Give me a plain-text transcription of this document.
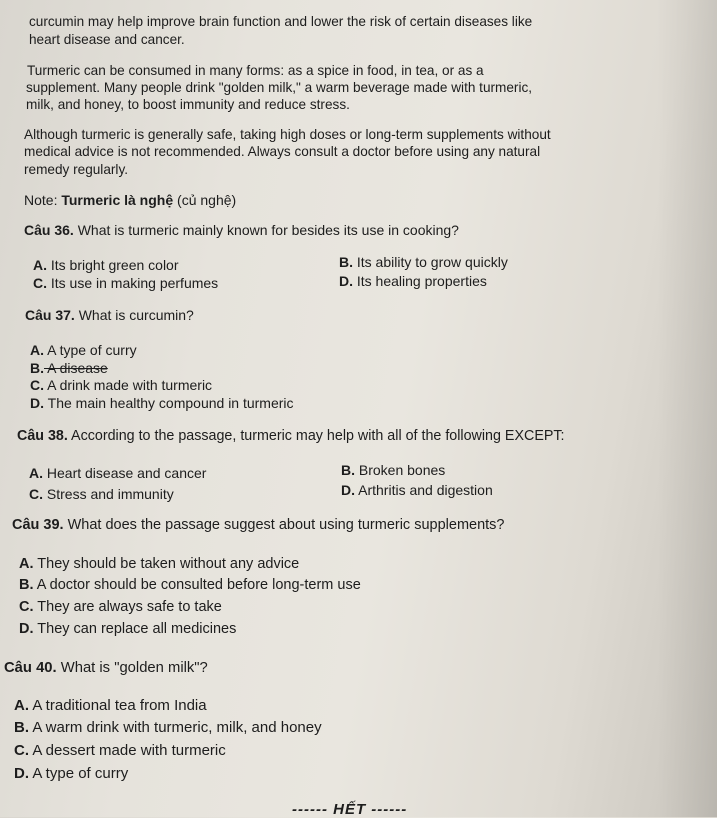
curcumin may help improve brain function and lower the risk of certain diseases like
heart disease and cancer.
Turmeric can be consumed in many forms: as a spice in food, in tea, or as a
supplement. Many people drink "golden milk," a warm beverage made with turmeric,
milk, and honey, to boost immunity and reduce stress.
Although turmeric is generally safe, taking high doses or long-term supplements without
medical advice is not recommended. Always consult a doctor before using any natural
remedy regularly.
Note: Turmeric là nghệ (củ nghệ)
Câu 36. What is turmeric mainly known for besides its use in cooking?
A. Its bright green color	B. Its ability to grow quickly
C. Its use in making perfumes	D. Its healing properties
Câu 37. What is curcumin?
A. A type of curry
B. A disease
C. A drink made with turmeric
D. The main healthy compound in turmeric
Câu 38. According to the passage, turmeric may help with all of the following EXCEPT:
A. Heart disease and cancer	B. Broken bones
C. Stress and immunity	D. Arthritis and digestion
Câu 39. What does the passage suggest about using turmeric supplements?
A. They should be taken without any advice
B. A doctor should be consulted before long-term use
C. They are always safe to take
D. They can replace all medicines
Câu 40. What is "golden milk"?
A. A traditional tea from India
B. A warm drink with turmeric, milk, and honey
C. A dessert made with turmeric
D. A type of curry
------ HẾT ------
